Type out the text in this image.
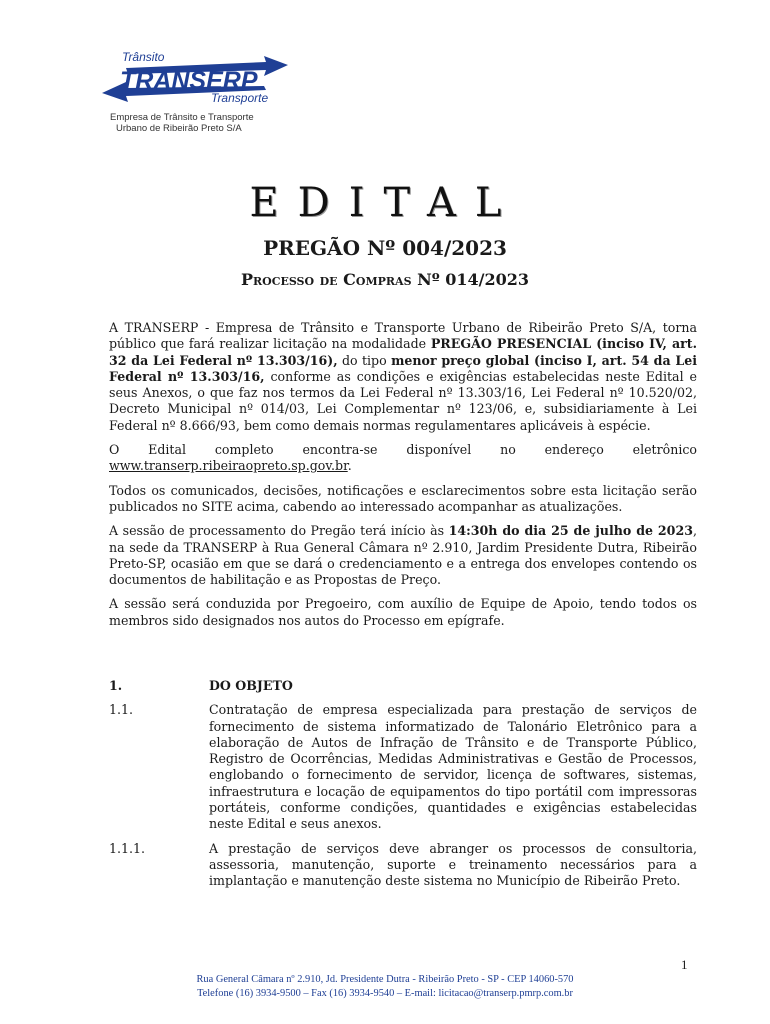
Trânsito
TRANSERP
Transporte
Empresa de Trânsito e Transporte
Urbano de Ribeirão Preto S/A
EDITAL
PREGÃO Nº 004/2023
Processo de Compras Nº 014/2023

A TRANSERP - Empresa de Trânsito e Transporte Urbano de Ribeirão Preto S/A, torna público que fará realizar licitação na modalidade PREGÃO PRESENCIAL (inciso IV, art. 32 da Lei Federal nº 13.303/16), do tipo menor preço global (inciso I, art. 54 da Lei Federal nº 13.303/16, conforme as condições e exigências estabelecidas neste Edital e seus Anexos, o que faz nos termos da Lei Federal nº 13.303/16, Lei Federal nº 10.520/02, Decreto Municipal nº 014/03, Lei Complementar nº 123/06, e, subsidiariamente à Lei Federal nº 8.666/93, bem como demais normas regulamentares aplicáveis à espécie.

O Edital completo encontra-se disponível no endereço eletrônico

www.transerp.ribeiraopreto.sp.gov.br.

Todos os comunicados, decisões, notificações e esclarecimentos sobre esta licitação serão publicados no SITE acima, cabendo ao interessado acompanhar as atualizações.

A sessão de processamento do Pregão terá início às 14:30h do dia 25 de julho de 2023, na sede da TRANSERP à Rua General Câmara nº 2.910, Jardim Presidente Dutra, Ribeirão Preto-SP, ocasião em que se dará o credenciamento e a entrega dos envelopes contendo os documentos de habilitação e as Propostas de Preço.

A sessão será conduzida por Pregoeiro, com auxílio de Equipe de Apoio, tendo todos os membros sido designados nos autos do Processo em epígrafe.

1.	DO OBJETO
1.1.	Contratação de empresa especializada para prestação de serviços de fornecimento de sistema informatizado de Talonário Eletrônico para a elaboração de Autos de Infração de Trânsito e de Transporte Público, Registro de Ocorrências, Medidas Administrativas e Gestão de Processos, englobando o fornecimento de servidor, licença de softwares, sistemas, infraestrutura e locação de equipamentos do tipo portátil com impressoras portáteis, conforme condições, quantidades e exigências estabelecidas neste Edital e seus anexos.
1.1.1.	A prestação de serviços deve abranger os processos de consultoria, assessoria, manutenção, suporte e treinamento necessários para a implantação e manutenção deste sistema no Município de Ribeirão Preto.
1
Rua General Câmara nº 2.910, Jd. Presidente Dutra - Ribeirão Preto - SP - CEP 14060-570
Telefone (16) 3934-9500 – Fax (16) 3934-9540 – E-mail: licitacao@transerp.pmrp.com.br
